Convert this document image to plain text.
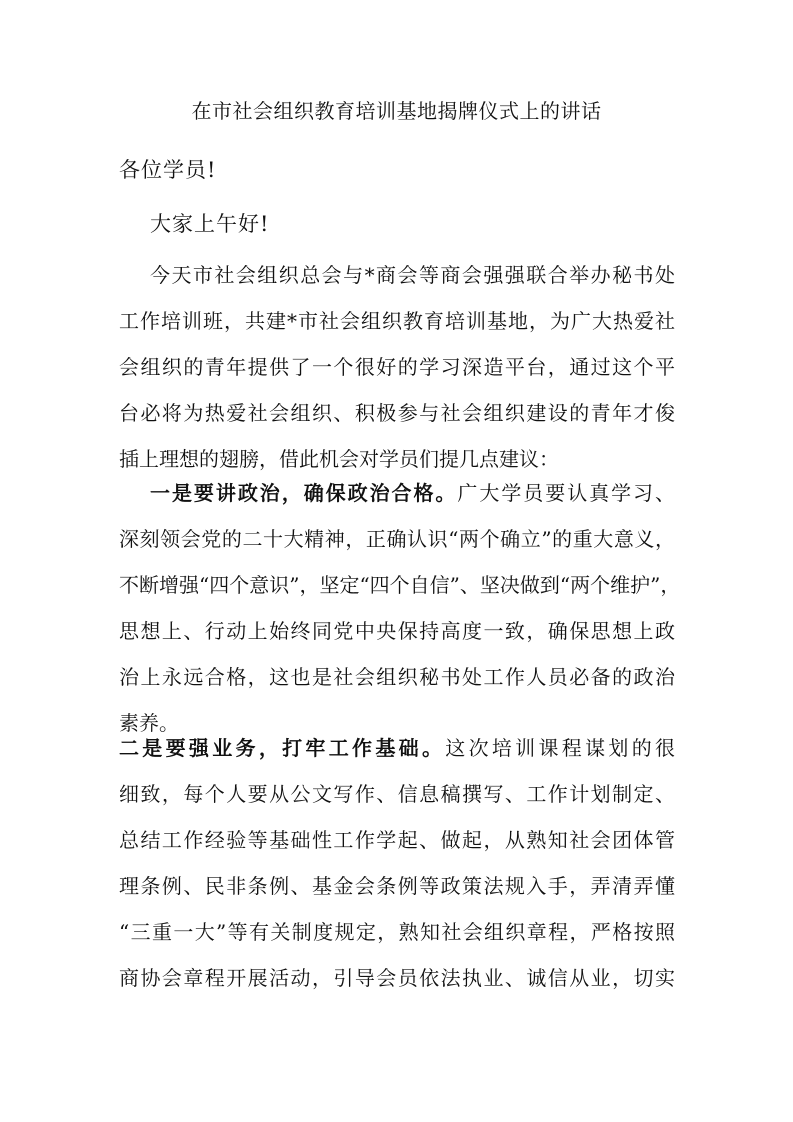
在市社会组织教育培训基地揭牌仪式上的讲话
各位学员!
大家上午好!
今天市社会组织总会与*商会等商会强强联合举办秘书处
工作培训班，共建*市社会组织教育培训基地，为广大热爱社
会组织的青年提供了一个很好的学习深造平台，通过这个平
台必将为热爱社会组织、积极参与社会组织建设的青年才俊
插上理想的翅膀，借此机会对学员们提几点建议：
一是要讲政治，确保政治合格。广大学员要认真学习、
深刻领会党的二十大精神，正确认识“两个确立”的重大意义，
不断增强“四个意识”，坚定“四个自信”、坚决做到“两个维护”，
思想上、行动上始终同党中央保持高度一致，确保思想上政
治上永远合格，这也是社会组织秘书处工作人员必备的政治
素养。
二是要强业务，打牢工作基础。这次培训课程谋划的很
细致，每个人要从公文写作、信息稿撰写、工作计划制定、
总结工作经验等基础性工作学起、做起，从熟知社会团体管
理条例、民非条例、基金会条例等政策法规入手，弄清弄懂
“三重一大”等有关制度规定，熟知社会组织章程，严格按照
商协会章程开展活动，引导会员依法执业、诚信从业，切实
